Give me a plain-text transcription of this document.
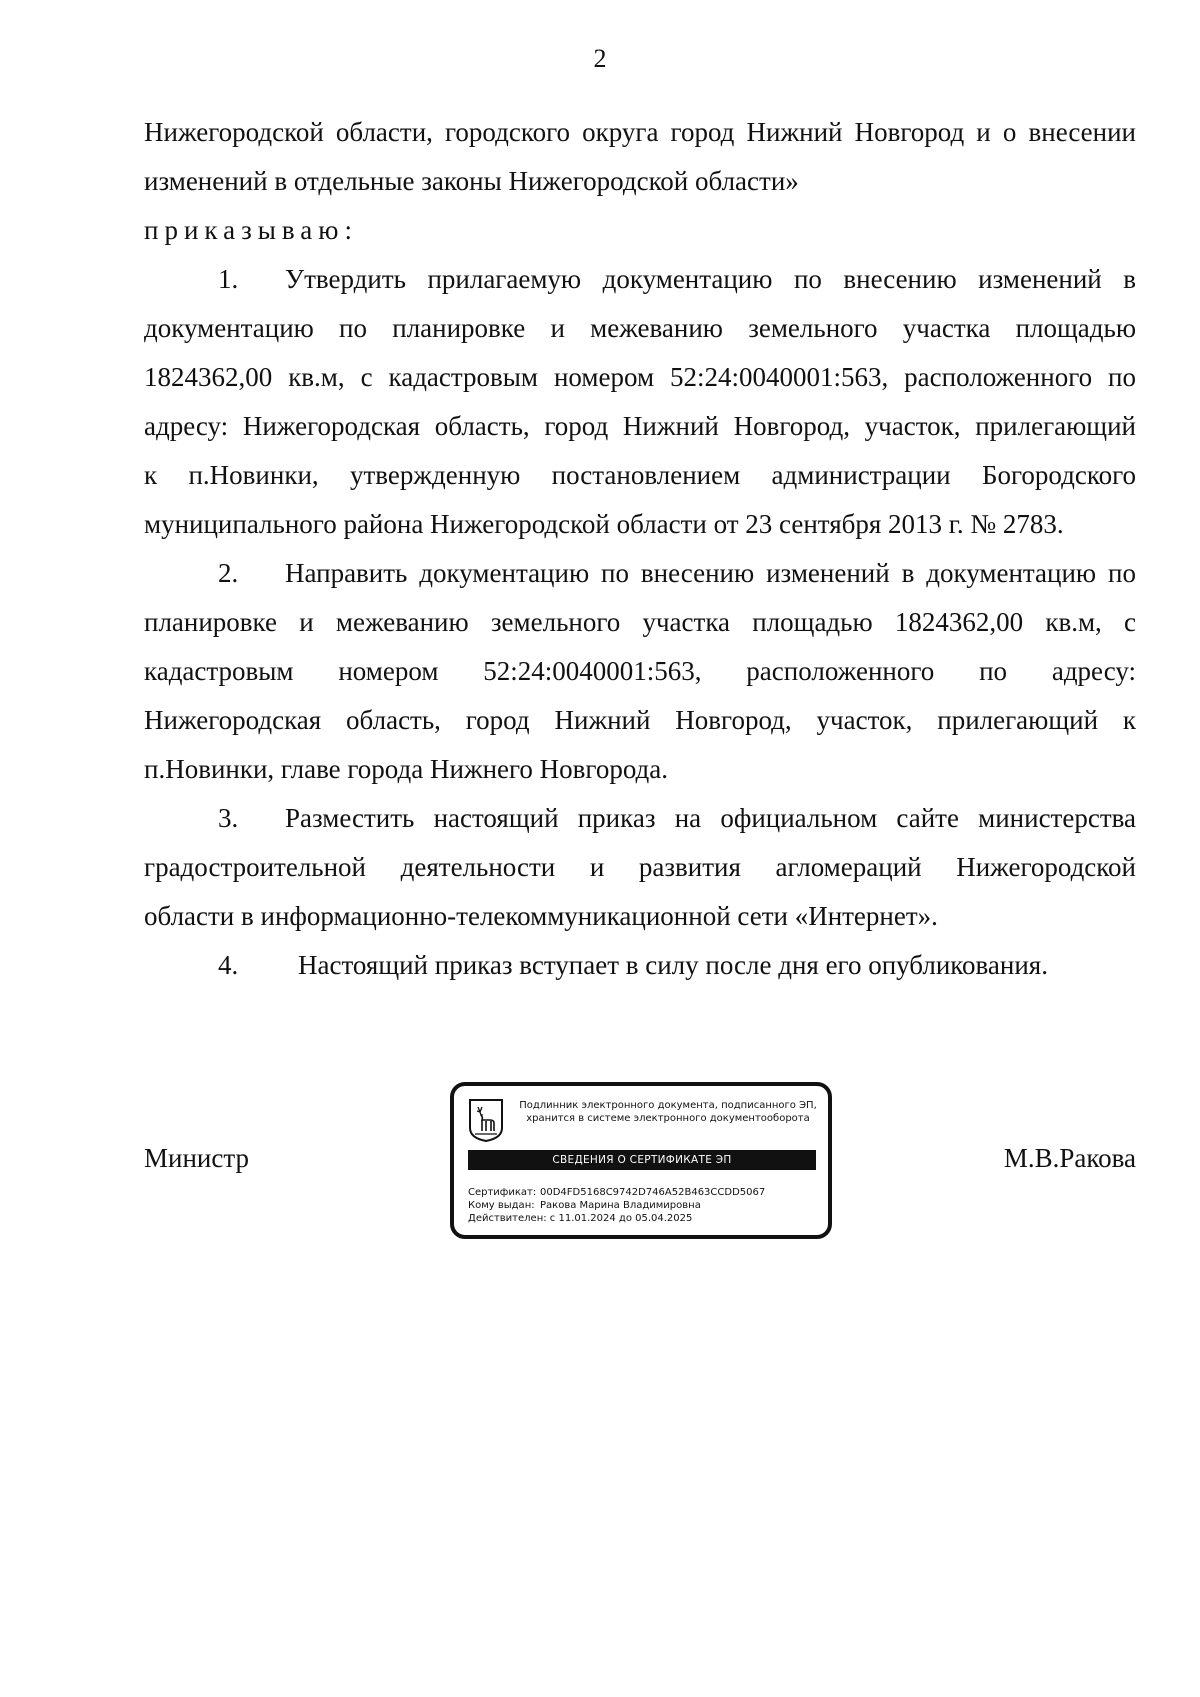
2

Нижегородской области, городского округа город Нижний Новгород и о внесении
изменений в отдельные законы Нижегородской области»

приказываю:

1. Утвердить прилагаемую документацию по внесению изменений в
документацию по планировке и межеванию земельного участка площадью
1824362,00 кв.м, с кадастровым номером 52:24:0040001:563, расположенного по
адресу: Нижегородская область, город Нижний Новгород, участок, прилегающий
к п.Новинки, утвержденную постановлением администрации Богородского
муниципального района Нижегородской области от 23 сентября 2013 г. № 2783.

2. Направить документацию по внесению изменений в документацию по
планировке и межеванию земельного участка площадью 1824362,00 кв.м, с
кадастровым номером 52:24:0040001:563, расположенного по адресу:
Нижегородская область, город Нижний Новгород, участок, прилегающий к
п.Новинки, главе города Нижнего Новгорода.

3. Разместить настоящий приказ на официальном сайте министерства
градостроительной деятельности и развития агломераций Нижегородской
области в информационно-телекоммуникационной сети «Интернет».

4. Настоящий приказ вступает в силу после дня его опубликования.

Министр	М.В.Ракова
Подлинник электронного документа, подписанного ЭП,
хранится в системе электронного документооборота
СВЕДЕНИЯ О СЕРТИФИКАТЕ ЭП
Сертификат: 00D4FD5168C9742D746A52B463CCDD5067
Кому выдан: Ракова Марина Владимировна
Действителен: с 11.01.2024 до 05.04.2025
